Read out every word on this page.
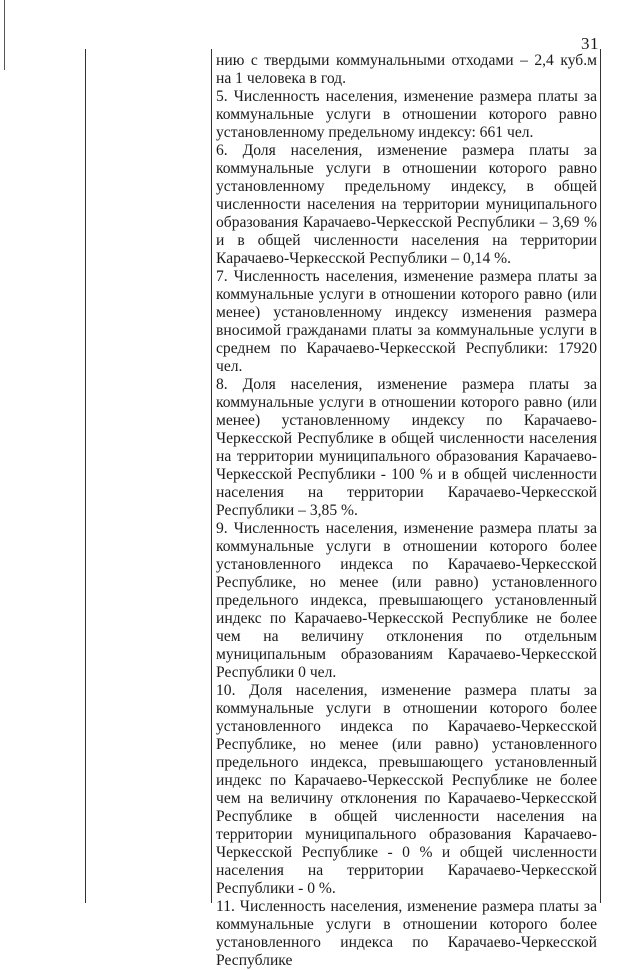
31

нию с твердыми коммунальными отходами – 2,4 куб.м на 1 человека в год.

5. Численность населения, изменение размера платы за коммунальные услуги в отношении которого равно установленному предельному индексу: 661 чел.

6. Доля населения, изменение размера платы за коммунальные услуги в отношении которого равно установленному предельному индексу, в общей численности населения на территории муниципального образования Карачаево-Черкесской Республики – 3,69 % и в общей численности населения на территории Карачаево-Черкесской Республики – 0,14 %.

7. Численность населения, изменение размера платы за коммунальные услуги в отношении которого равно (или менее) установленному индексу изменения размера вносимой гражданами платы за коммунальные услуги в среднем по Карачаево-Черкесской Республики: 17920 чел.

8. Доля населения, изменение размера платы за коммунальные услуги в отношении которого равно (или менее) установленному индексу по Карачаево-Черкесской Республике в общей численности населения на территории муниципального образования Карачаево-Черкесской Республики - 100 % и в общей численности населения на территории Карачаево-Черкесской Республики – 3,85 %.

9. Численность населения, изменение размера платы за коммунальные услуги в отношении которого более установленного индекса по Карачаево-Черкесской Республике, но менее (или равно) установленного предельного индекса, превышающего установленный индекс по Карачаево-Черкесской Республике не более чем на величину отклонения по отдельным муниципальным образованиям Карачаево-Черкесской Республики 0 чел.

10. Доля населения, изменение размера платы за коммунальные услуги в отношении которого более установленного индекса по Карачаево-Черкесской Республике, но менее (или равно) установленного предельного индекса, превышающего установленный индекс по Карачаево-Черкесской Республике не более чем на величину отклонения по Карачаево-Черкесской Республике в общей численности населения на территории муниципального образования Карачаево-Черкесской Республике - 0 % и общей численности населения на территории Карачаево-Черкесской Республики - 0 %.

11. Численность населения, изменение размера платы за коммунальные услуги в отношении которого более установленного индекса по Карачаево-Черкесской Республике
